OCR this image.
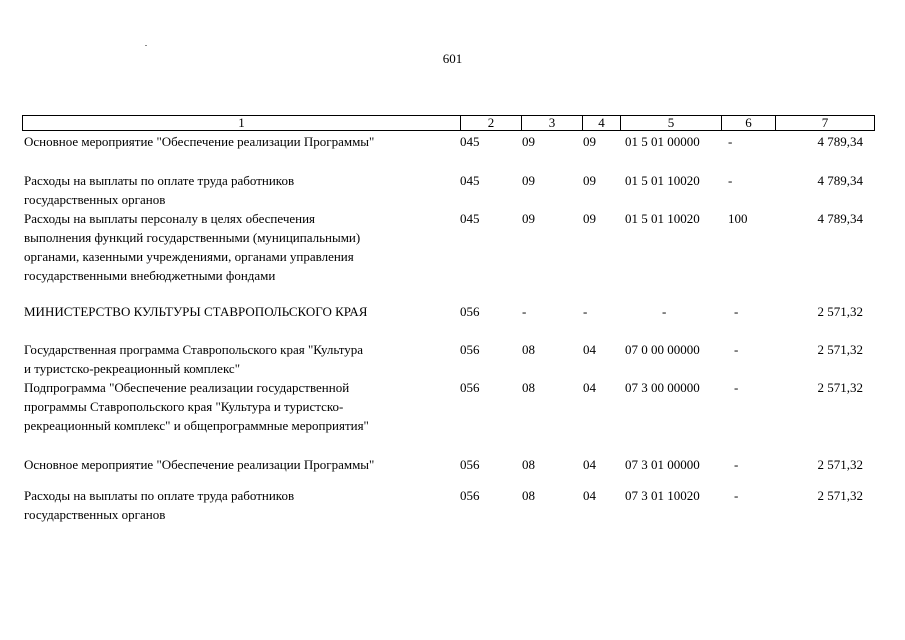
601
1	2	3	4	5	6	7
Основное мероприятие "Обеспечение реализации Программы"	045	09	09 01 5 01 00000 -	4 789,34
Расходы на выплаты по оплате труда работников
государственных органов
045	09	09 01 5 01 10020 -	4 789,34
Расходы на выплаты персоналу в целях обеспечения
выполнения функций государственными (муниципальными)
органами, казенными учреждениями, органами управления
государственными внебюджетными фондами
045	09	09 01 5 01 10020 100	4 789,34
МИНИСТЕРСТВО КУЛЬТУРЫ СТАВРОПОЛЬСКОГО КРАЯ	056	-	-	-	-	2 571,32
Государственная программа Ставропольского края "Культура
и туристско-рекреационный комплекс"
056	08	04 07 0 00 00000	-	2 571,32
Подпрограмма "Обеспечение реализации государственной
программы Ставропольского края "Культура и туристско-
рекреационный комплекс" и общепрограммные мероприятия"
056	08	04 07 3 00 00000	-	2 571,32
Основное мероприятие "Обеспечение реализации Программы"	056	08	04 07 3 01 00000	-	2 571,32
Расходы на выплаты по оплате труда работников
государственных органов
056	08	04 07 3 01 10020	-	2 571,32
